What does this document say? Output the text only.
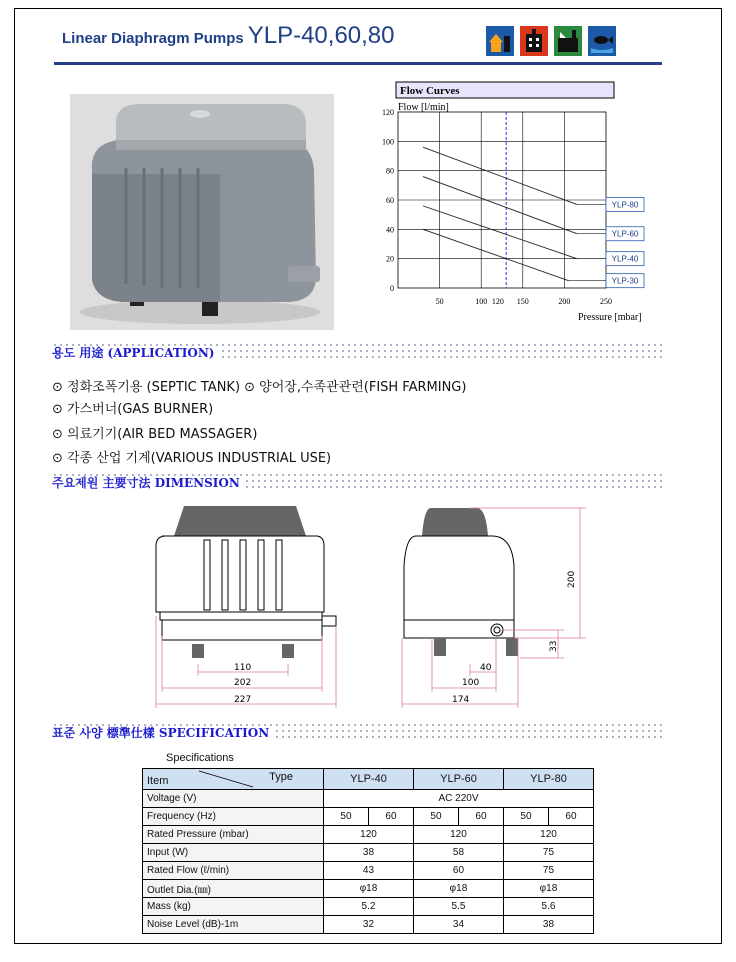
Linear Diaphragm Pumps YLP-40,60,80
Flow Curves
Flow [l/min]
Pressure [mbar]
50	100 120 150	200	250
120
100
80
60
40
20
0
YLP-80
YLP-60
YLP-40
YLP-30
용도 用途 (APPLICATION)
⊙ 정화조폭기용 (SEPTIC TANK) ⊙ 양어장,수족관관련(FISH FARMING)
⊙ 가스버너(GAS BURNER)
⊙ 의료기기(AIR BED MASSAGER)
⊙ 각종 산업 기계(VARIOUS INDUSTRIAL USE)
주요제원 主要寸法 DIMENSION
110
202
227
200
33
40
100
174
표준 사양 標準仕樣 SPECIFICATION
Specifications
Item Type	YLP-40		YLP-60		YLP-80	
Voltage (V)	AC 220V					
Frequency (Hz)	50	60	50	60	50	60
Rated Pressure (mbar)	120		120		120	
Input (W)	38		58		75	
Rated Flow (ℓ/min)	43		60		75	
Outlet Dia.(㎜)	φ18		φ18		φ18	
Mass (kg)	5.2		5.5		5.6	
Noise Level (dB)-1m	32		34		38	
